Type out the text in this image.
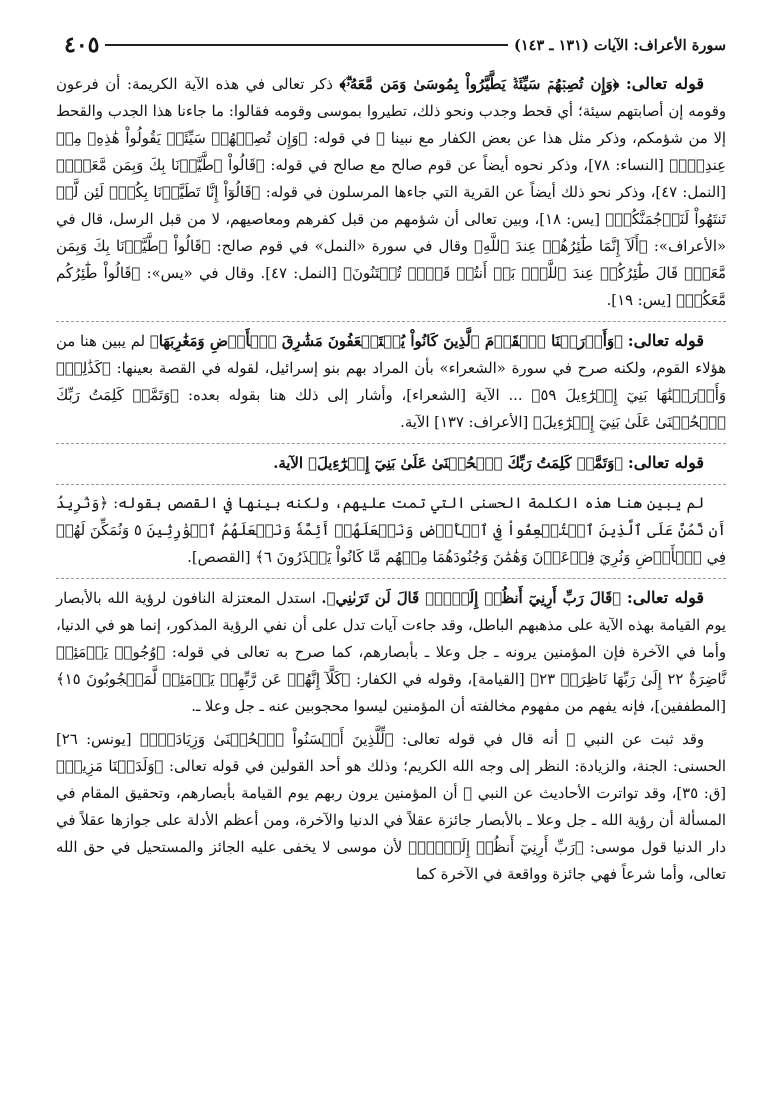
سورة الأعراف: الآيات (١٣١ ـ ١٤٣)
٤٠٥

قوله تعالى: ﴿وَإِن تُصِبۡهُمۡ سَيِّئَةٞ يَطَّيَّرُواْ بِمُوسَىٰ وَمَن مَّعَهُۥٓۗ﴾ ذكر تعالى في هذه الآية الكريمة: أن فرعون وقومه إن أصابتهم سيئة؛ أي قحط وجدب ونحو ذلك، تطيروا بموسى وقومه فقالوا: ما جاءنا هذا الجدب والقحط إلا من شؤمكم، وذكر مثل هذا عن بعض الكفار مع نبينا ﷺ في قوله: ﴿وَإِن تُصِبۡهُمۡ سَيِّئَةٞ يَقُولُواْ هَٰذِهِۦ مِنۡ عِندِكَۚ﴾ [النساء: ٧٨]، وذكر نحوه أيضاً عن قوم صالح مع صالح في قوله: ﴿قَالُواْ ٱطَّيَّرۡنَا بِكَ وَبِمَن مَّعَكَۚ﴾ [النمل: ٤٧]، وذكر نحو ذلك أيضاً عن القرية التي جاءها المرسلون في قوله: ﴿قَالُوٓاْ إِنَّا تَطَيَّرۡنَا بِكُمۡۖ لَئِن لَّمۡ تَنتَهُواْ لَنَرۡجُمَنَّكُمۡ﴾ [يس: ١٨]، وبين تعالى أن شؤمهم من قبل كفرهم ومعاصيهم، لا من قبل الرسل، قال في «الأعراف»: ﴿أَلَآ إِنَّمَا طَٰٓئِرُهُمۡ عِندَ ٱللَّهِ﴾ وقال في سورة «النمل» في قوم صالح: ﴿قَالُواْ ٱطَّيَّرۡنَا بِكَ وَبِمَن مَّعَكَۚ قَالَ طَٰٓئِرُكُمۡ عِندَ ٱللَّهِۖ بَلۡ أَنتُمۡ قَوۡمٞ تُفۡتَنُونَ﴾ [النمل: ٤٧]. وقال في «يس»: ﴿قَالُواْ طَٰٓئِرُكُم مَّعَكُمۡ﴾ [يس: ١٩].

قوله تعالى: ﴿وَأَوۡرَثۡنَا ٱلۡقَوۡمَ ٱلَّذِينَ كَانُواْ يُسۡتَضۡعَفُونَ مَشَٰرِقَ ٱلۡأَرۡضِ وَمَغَٰرِبَهَا﴾ لم يبين هنا من هؤلاء القوم، ولكنه صرح في سورة «الشعراء» بأن المراد بهم بنو إسرائيل، لقوله في القصة بعينها: ﴿كَذَٰلِكَۖ وَأَوۡرَثۡنَٰهَا بَنِيٓ إِسۡرَٰٓءِيلَ ٥٩﴾ ... الآية [الشعراء]، وأشار إلى ذلك هنا بقوله بعده: ﴿وَتَمَّتۡ كَلِمَتُ رَبِّكَ ٱلۡحُسۡنَىٰ عَلَىٰ بَنِيٓ إِسۡرَٰٓءِيلَ﴾ [الأعراف: ١٣٧] الآية.

قوله تعالى: ﴿وَتَمَّتۡ كَلِمَتُ رَبِّكَ ٱلۡحُسۡنَىٰ عَلَىٰ بَنِيٓ إِسۡرَٰٓءِيلَ﴾ الآية.

لم يبين هنا هذه الكلمة الحسنى التي تمت عليهم، ولكنه بينها في القصص بقوله: ﴿وَنُرِيدُ أَن نَّمُنَّ عَلَى ٱلَّذِينَ ٱسۡتُضۡعِفُواْ فِي ٱلۡأَرۡضِ وَنَجۡعَلَهُمۡ أَئِمَّةٗ وَنَجۡعَلَهُمُ ٱلۡوَٰرِثِينَ ٥ وَنُمَكِّنَ لَهُمۡ فِي ٱلۡأَرۡضِ وَنُرِيَ فِرۡعَوۡنَ وَهَٰمَٰنَ وَجُنُودَهُمَا مِنۡهُم مَّا كَانُواْ يَحۡذَرُونَ ٦﴾ [القصص].

قوله تعالى: ﴿قَالَ رَبِّ أَرِنِيٓ أَنظُرۡ إِلَيۡكَۚ قَالَ لَن تَرَىٰنِي﴾. استدل المعتزلة النافون لرؤية الله بالأبصار يوم القيامة بهذه الآية على مذهبهم الباطل، وقد جاءت آيات تدل على أن نفي الرؤية المذكور، إنما هو في الدنيا، وأما في الآخرة فإن المؤمنين يرونه ـ جل وعلا ـ بأبصارهم، كما صرح به تعالى في قوله: ﴿وُجُوهٞ يَوۡمَئِذٖ نَّاضِرَةٌ ٢٢ إِلَىٰ رَبِّهَا نَاظِرَةٞ ٢٣﴾ [القيامة]، وقوله في الكفار: ﴿كَلَّآ إِنَّهُمۡ عَن رَّبِّهِمۡ يَوۡمَئِذٖ لَّمَحۡجُوبُونَ ١٥﴾ [المطففين]، فإنه يفهم من مفهوم مخالفته أن المؤمنين ليسوا محجوبين عنه ـ جل وعلا ـ.

وقد ثبت عن النبي ﷺ أنه قال في قوله تعالى: ﴿لِّلَّذِينَ أَحۡسَنُواْ ٱلۡحُسۡنَىٰ وَزِيَادَةٞۖ﴾ [يونس: ٢٦] الحسنى: الجنة، والزيادة: النظر إلى وجه الله الكريم؛ وذلك هو أحد القولين في قوله تعالى: ﴿وَلَدَيۡنَا مَزِيدٞ﴾ [ق: ٣٥]، وقد تواترت الأحاديث عن النبي ﷺ أن المؤمنين يرون ربهم يوم القيامة بأبصارهم، وتحقيق المقام في المسألة أن رؤية الله ـ جل وعلا ـ بالأبصار جائزة عقلاً في الدنيا والآخرة، ومن أعظم الأدلة على جوازها عقلاً في دار الدنيا قول موسى: ﴿رَبِّ أَرِنِيٓ أَنظُرۡ إِلَيۡكَۚ﴾ لأن موسى لا يخفى عليه الجائز والمستحيل في حق الله تعالى، وأما شرعاً فهي جائزة وواقعة في الآخرة كما
